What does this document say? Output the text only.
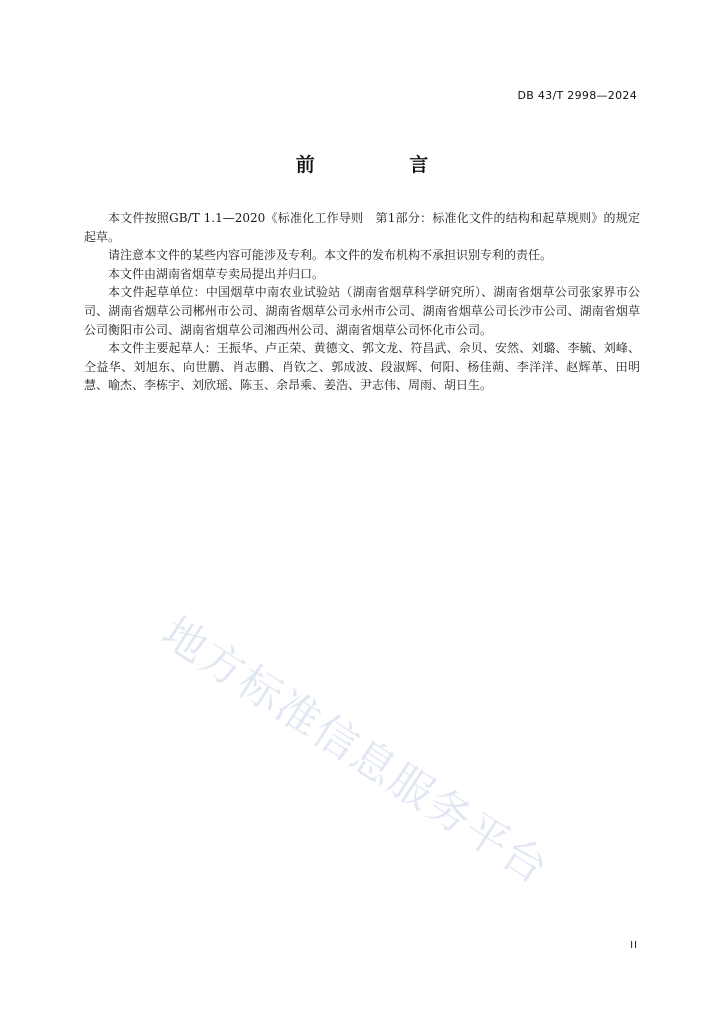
DB 43/T 2998—2024
前 言

本文件按照GB/T 1.1—2020《标准化工作导则　第1部分：标准化文件的结构和起草规则》的规定起草。

请注意本文件的某些内容可能涉及专利。本文件的发布机构不承担识别专利的责任。

本文件由湖南省烟草专卖局提出并归口。

本文件起草单位：中国烟草中南农业试验站（湖南省烟草科学研究所）、湖南省烟草公司张家界市公司、湖南省烟草公司郴州市公司、湖南省烟草公司永州市公司、湖南省烟草公司长沙市公司、湖南省烟草公司衡阳市公司、湖南省烟草公司湘西州公司、湖南省烟草公司怀化市公司。

本文件主要起草人：王振华、卢正荣、黄德文、郭文龙、符昌武、佘贝、安然、刘璐、李毓、刘峰、仝益华、刘旭东、向世鹏、肖志鹏、肖钦之、郭成波、段淑辉、何阳、杨佳蒴、李洋洋、赵辉革、田明慧、喻杰、李栋宇、刘欣瑶、陈玉、余昂乘、姜浩、尹志伟、周雨、胡日生。

地方标准信息服务平台
II
